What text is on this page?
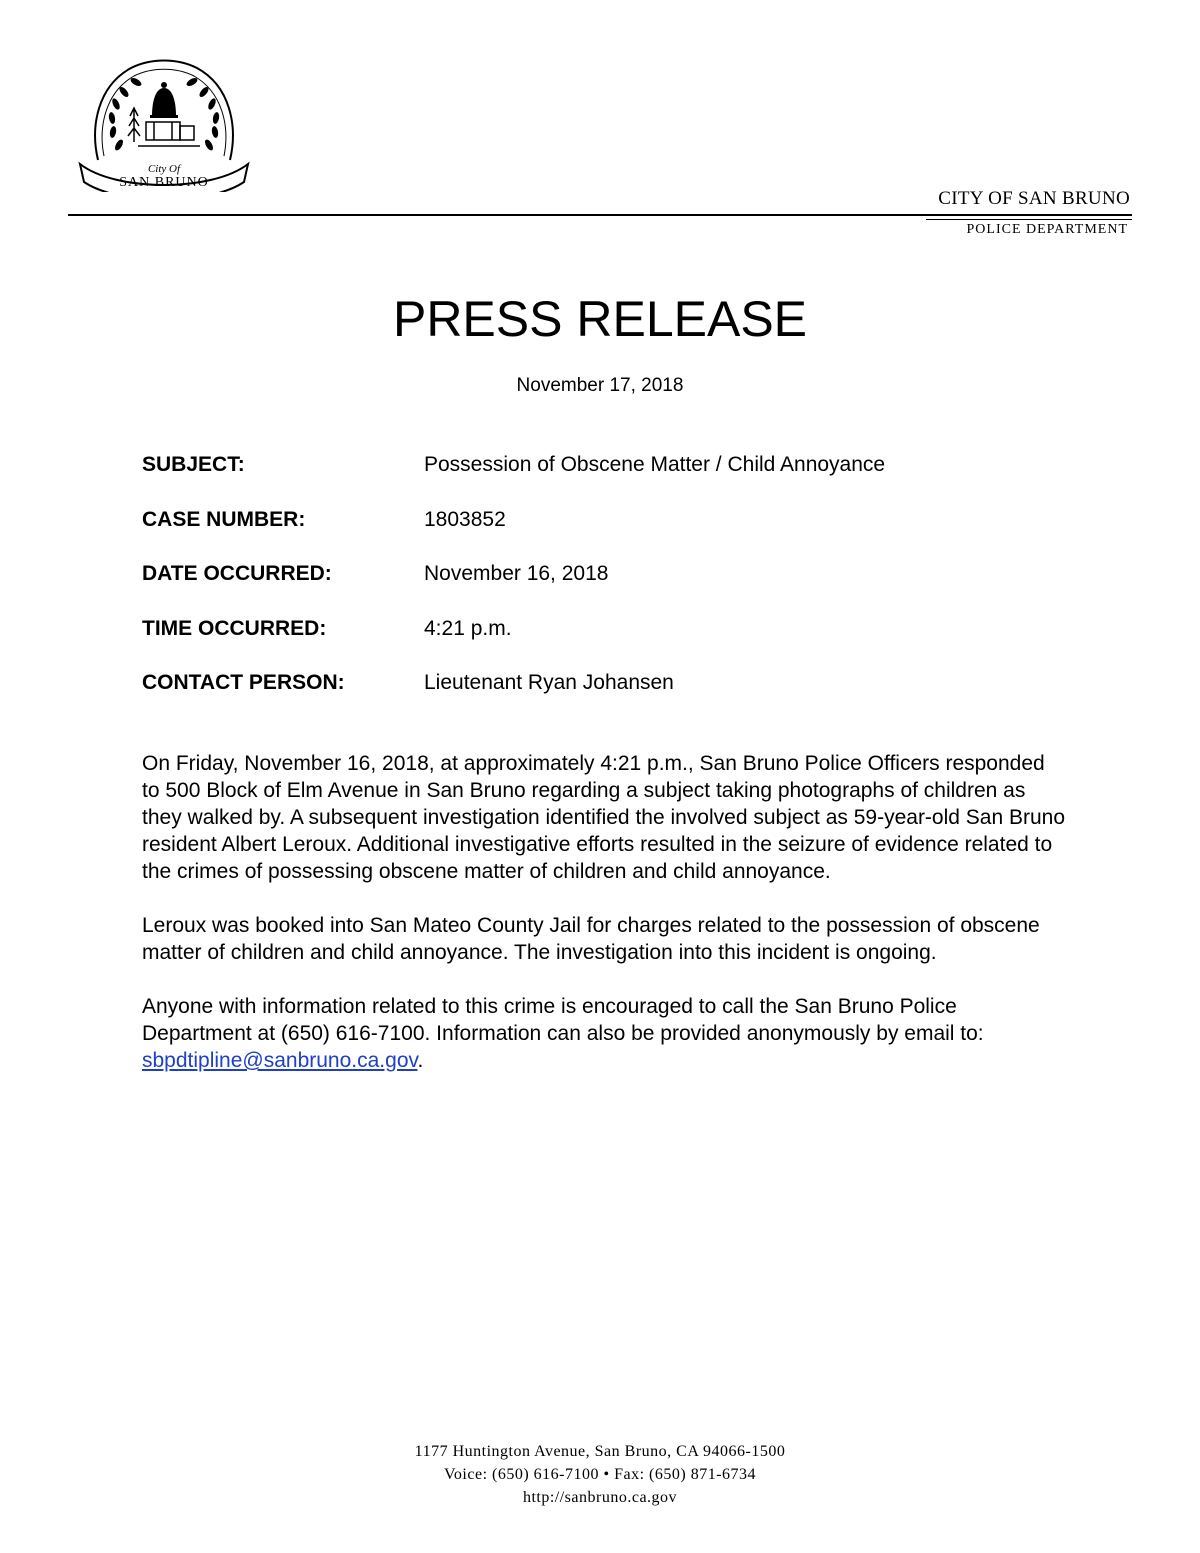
City Of
SAN BRUNO
CITY OF SAN BRUNO
POLICE DEPARTMENT
PRESS RELEASE
November 17, 2018
SUBJECT:	Possession of Obscene Matter / Child Annoyance
CASE NUMBER:	1803852
DATE OCCURRED:	November 16, 2018
TIME OCCURRED:	4:21 p.m.
CONTACT PERSON:	Lieutenant Ryan Johansen

On Friday, November 16, 2018, at approximately 4:21 p.m., San Bruno Police Officers responded to 500 Block of Elm Avenue in San Bruno regarding a subject taking photographs of children as they walked by. A subsequent investigation identified the involved subject as 59-year-old San Bruno resident Albert Leroux. Additional investigative efforts resulted in the seizure of evidence related to the crimes of possessing obscene matter of children and child annoyance.

Leroux was booked into San Mateo County Jail for charges related to the possession of obscene matter of children and child annoyance. The investigation into this incident is ongoing.

Anyone with information related to this crime is encouraged to call the San Bruno Police Department at (650) 616-7100. Information can also be provided anonymously by email to: sbpdtipline@sanbruno.ca.gov.

1177 Huntington Avenue, San Bruno, CA 94066-1500
Voice: (650) 616-7100 • Fax: (650) 871-6734
http://sanbruno.ca.gov
